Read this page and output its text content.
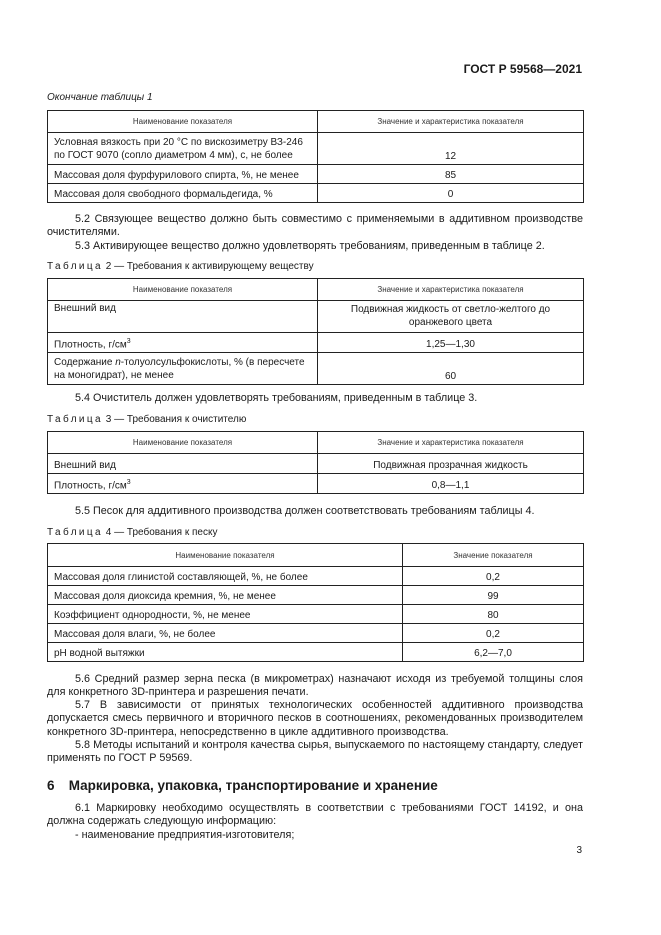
ГОСТ Р 59568—2021
Окончание таблицы 1
Наименование показателя	Значение и характеристика показателя
Условная вязкость при 20 °С по вискозиметру ВЗ-246 по ГОСТ 9070 (сопло диаметром 4 мм), с, не более	12
Массовая доля фурфурилового спирта, %, не менее	85
Массовая доля свободного формальдегида, %	0
5.2 Связующее вещество должно быть совместимо с применяемыми в аддитивном производстве очистителями.
5.3 Активирующее вещество должно удовлетворять требованиям, приведенным в таблице 2.
Таблица 2 — Требования к активирующему веществу
Наименование показателя	Значение и характеристика показателя
Внешний вид	Подвижная жидкость от светло-желтого до оранжевого цвета
Плотность, $г/см^3$	1,25—1,30
Содержание n-толуолсульфокислоты, % (в пересчете на моногидрат), не менее	60
5.4 Очиститель должен удовлетворять требованиям, приведенным в таблице 3.
Таблица 3 — Требования к очистителю
Наименование показателя	Значение и характеристика показателя
Внешний вид	Подвижная прозрачная жидкость
Плотность, $г/см^3$	0,8—1,1
5.5 Песок для аддитивного производства должен соответствовать требованиям таблицы 4.
Таблица 4 — Требования к песку
Наименование показателя	Значение показателя
Массовая доля глинистой составляющей, %, не более	0,2
Массовая доля диоксида кремния, %, не менее	99
Коэффициент однородности, %, не менее	80
Массовая доля влаги, %, не более	0,2
pH водной вытяжки	6,2—7,0
5.6 Средний размер зерна песка (в микрометрах) назначают исходя из требуемой толщины слоя для конкретного 3D-принтера и разрешения печати.
5.7 В зависимости от принятых технологических особенностей аддитивного производства допускается смесь первичного и вторичного песков в соотношениях, рекомендованных производителем конкретного 3D-принтера, непосредственно в цикле аддитивного производства.
5.8 Методы испытаний и контроля качества сырья, выпускаемого по настоящему стандарту, следует применять по ГОСТ Р 59569.
6 Маркировка, упаковка, транспортирование и хранение
6.1 Маркировку необходимо осуществлять в соответствии с требованиями ГОСТ 14192, и она должна содержать следующую информацию:
- наименование предприятия-изготовителя;
3
